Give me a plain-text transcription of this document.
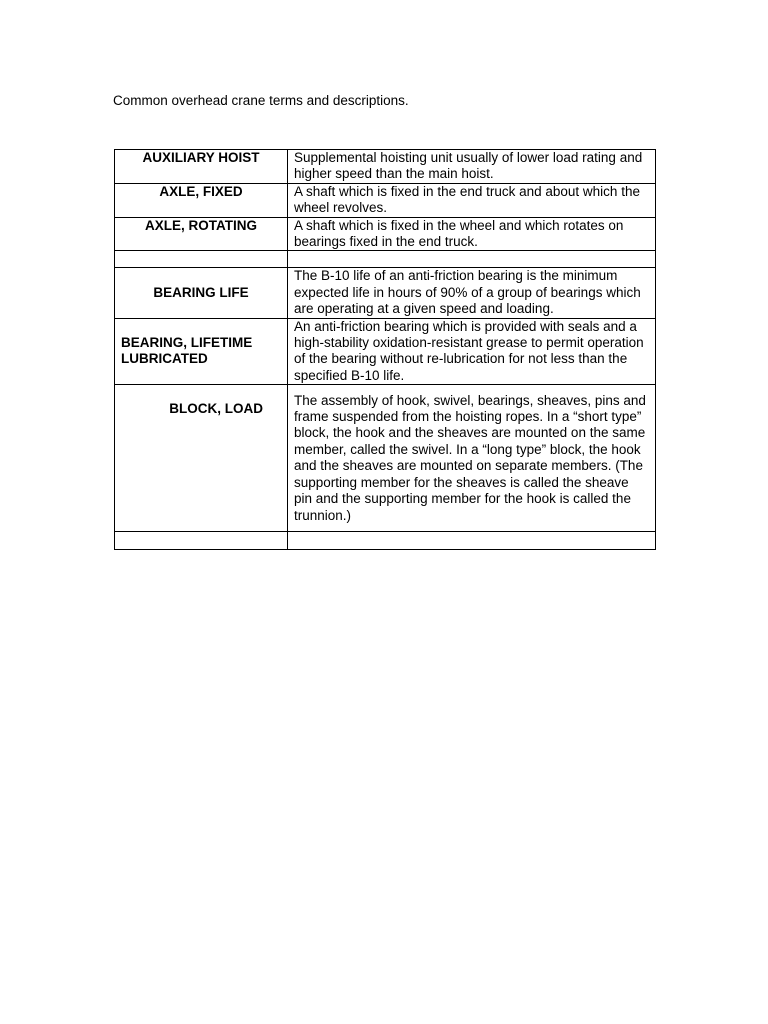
Common overhead crane terms and descriptions.
AUXILIARY HOIST	Supplemental hoisting unit usually of lower load rating and higher speed than the main hoist.
AXLE, FIXED	A shaft which is fixed in the end truck and about which the wheel revolves.
AXLE, ROTATING	A shaft which is fixed in the wheel and which rotates on bearings fixed in the end truck.

BEARING LIFE	The B-10 life of an anti-friction bearing is the minimum expected life in hours of 90% of a group of bearings which are operating at a given speed and loading.
BEARING, LIFETIME LUBRICATED	An anti-friction bearing which is provided with seals and a high-stability oxidation-resistant grease to permit operation of the bearing without re-lubrication for not less than the specified B-10 life.
BLOCK, LOAD	The assembly of hook, swivel, bearings, sheaves, pins and frame suspended from the hoisting ropes. In a “short type” block, the hook and the sheaves are mounted on the same member, called the swivel. In a “long type” block, the hook and the sheaves are mounted on separate members. (The supporting member for the sheaves is called the sheave pin and the supporting member for the hook is called the trunnion.)
